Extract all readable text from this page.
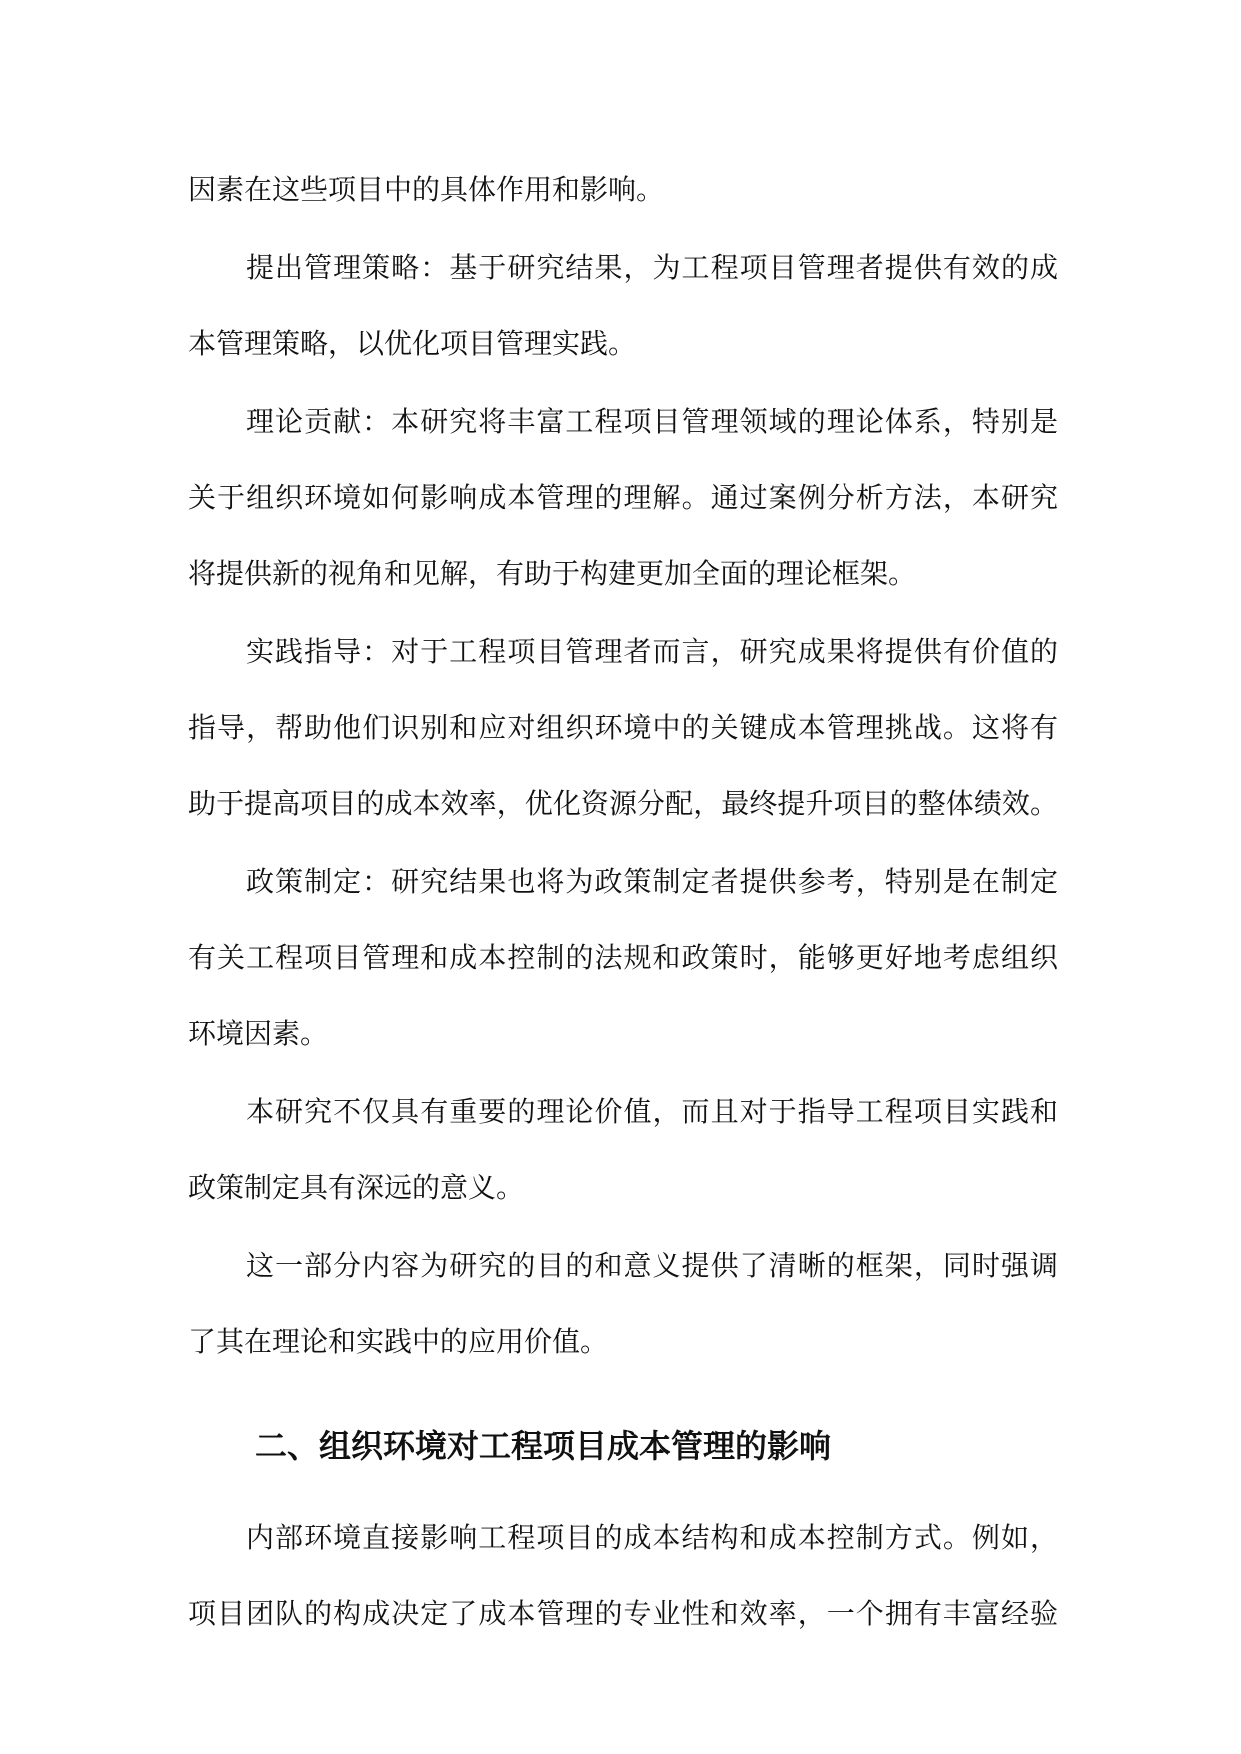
因素在这些项目中的具体作用和影响。

提出管理策略：基于研究结果，为工程项目管理者提供有效的成

本管理策略，以优化项目管理实践。

理论贡献：本研究将丰富工程项目管理领域的理论体系，特别是

关于组织环境如何影响成本管理的理解。通过案例分析方法，本研究

将提供新的视角和见解，有助于构建更加全面的理论框架。

实践指导：对于工程项目管理者而言，研究成果将提供有价值的

指导，帮助他们识别和应对组织环境中的关键成本管理挑战。这将有

助于提高项目的成本效率，优化资源分配，最终提升项目的整体绩效。

政策制定：研究结果也将为政策制定者提供参考，特别是在制定

有关工程项目管理和成本控制的法规和政策时，能够更好地考虑组织

环境因素。

本研究不仅具有重要的理论价值，而且对于指导工程项目实践和

政策制定具有深远的意义。

这一部分内容为研究的目的和意义提供了清晰的框架，同时强调

了其在理论和实践中的应用价值。

二、组织环境对工程项目成本管理的影响

内部环境直接影响工程项目的成本结构和成本控制方式。例如，

项目团队的构成决定了成本管理的专业性和效率，一个拥有丰富经验
